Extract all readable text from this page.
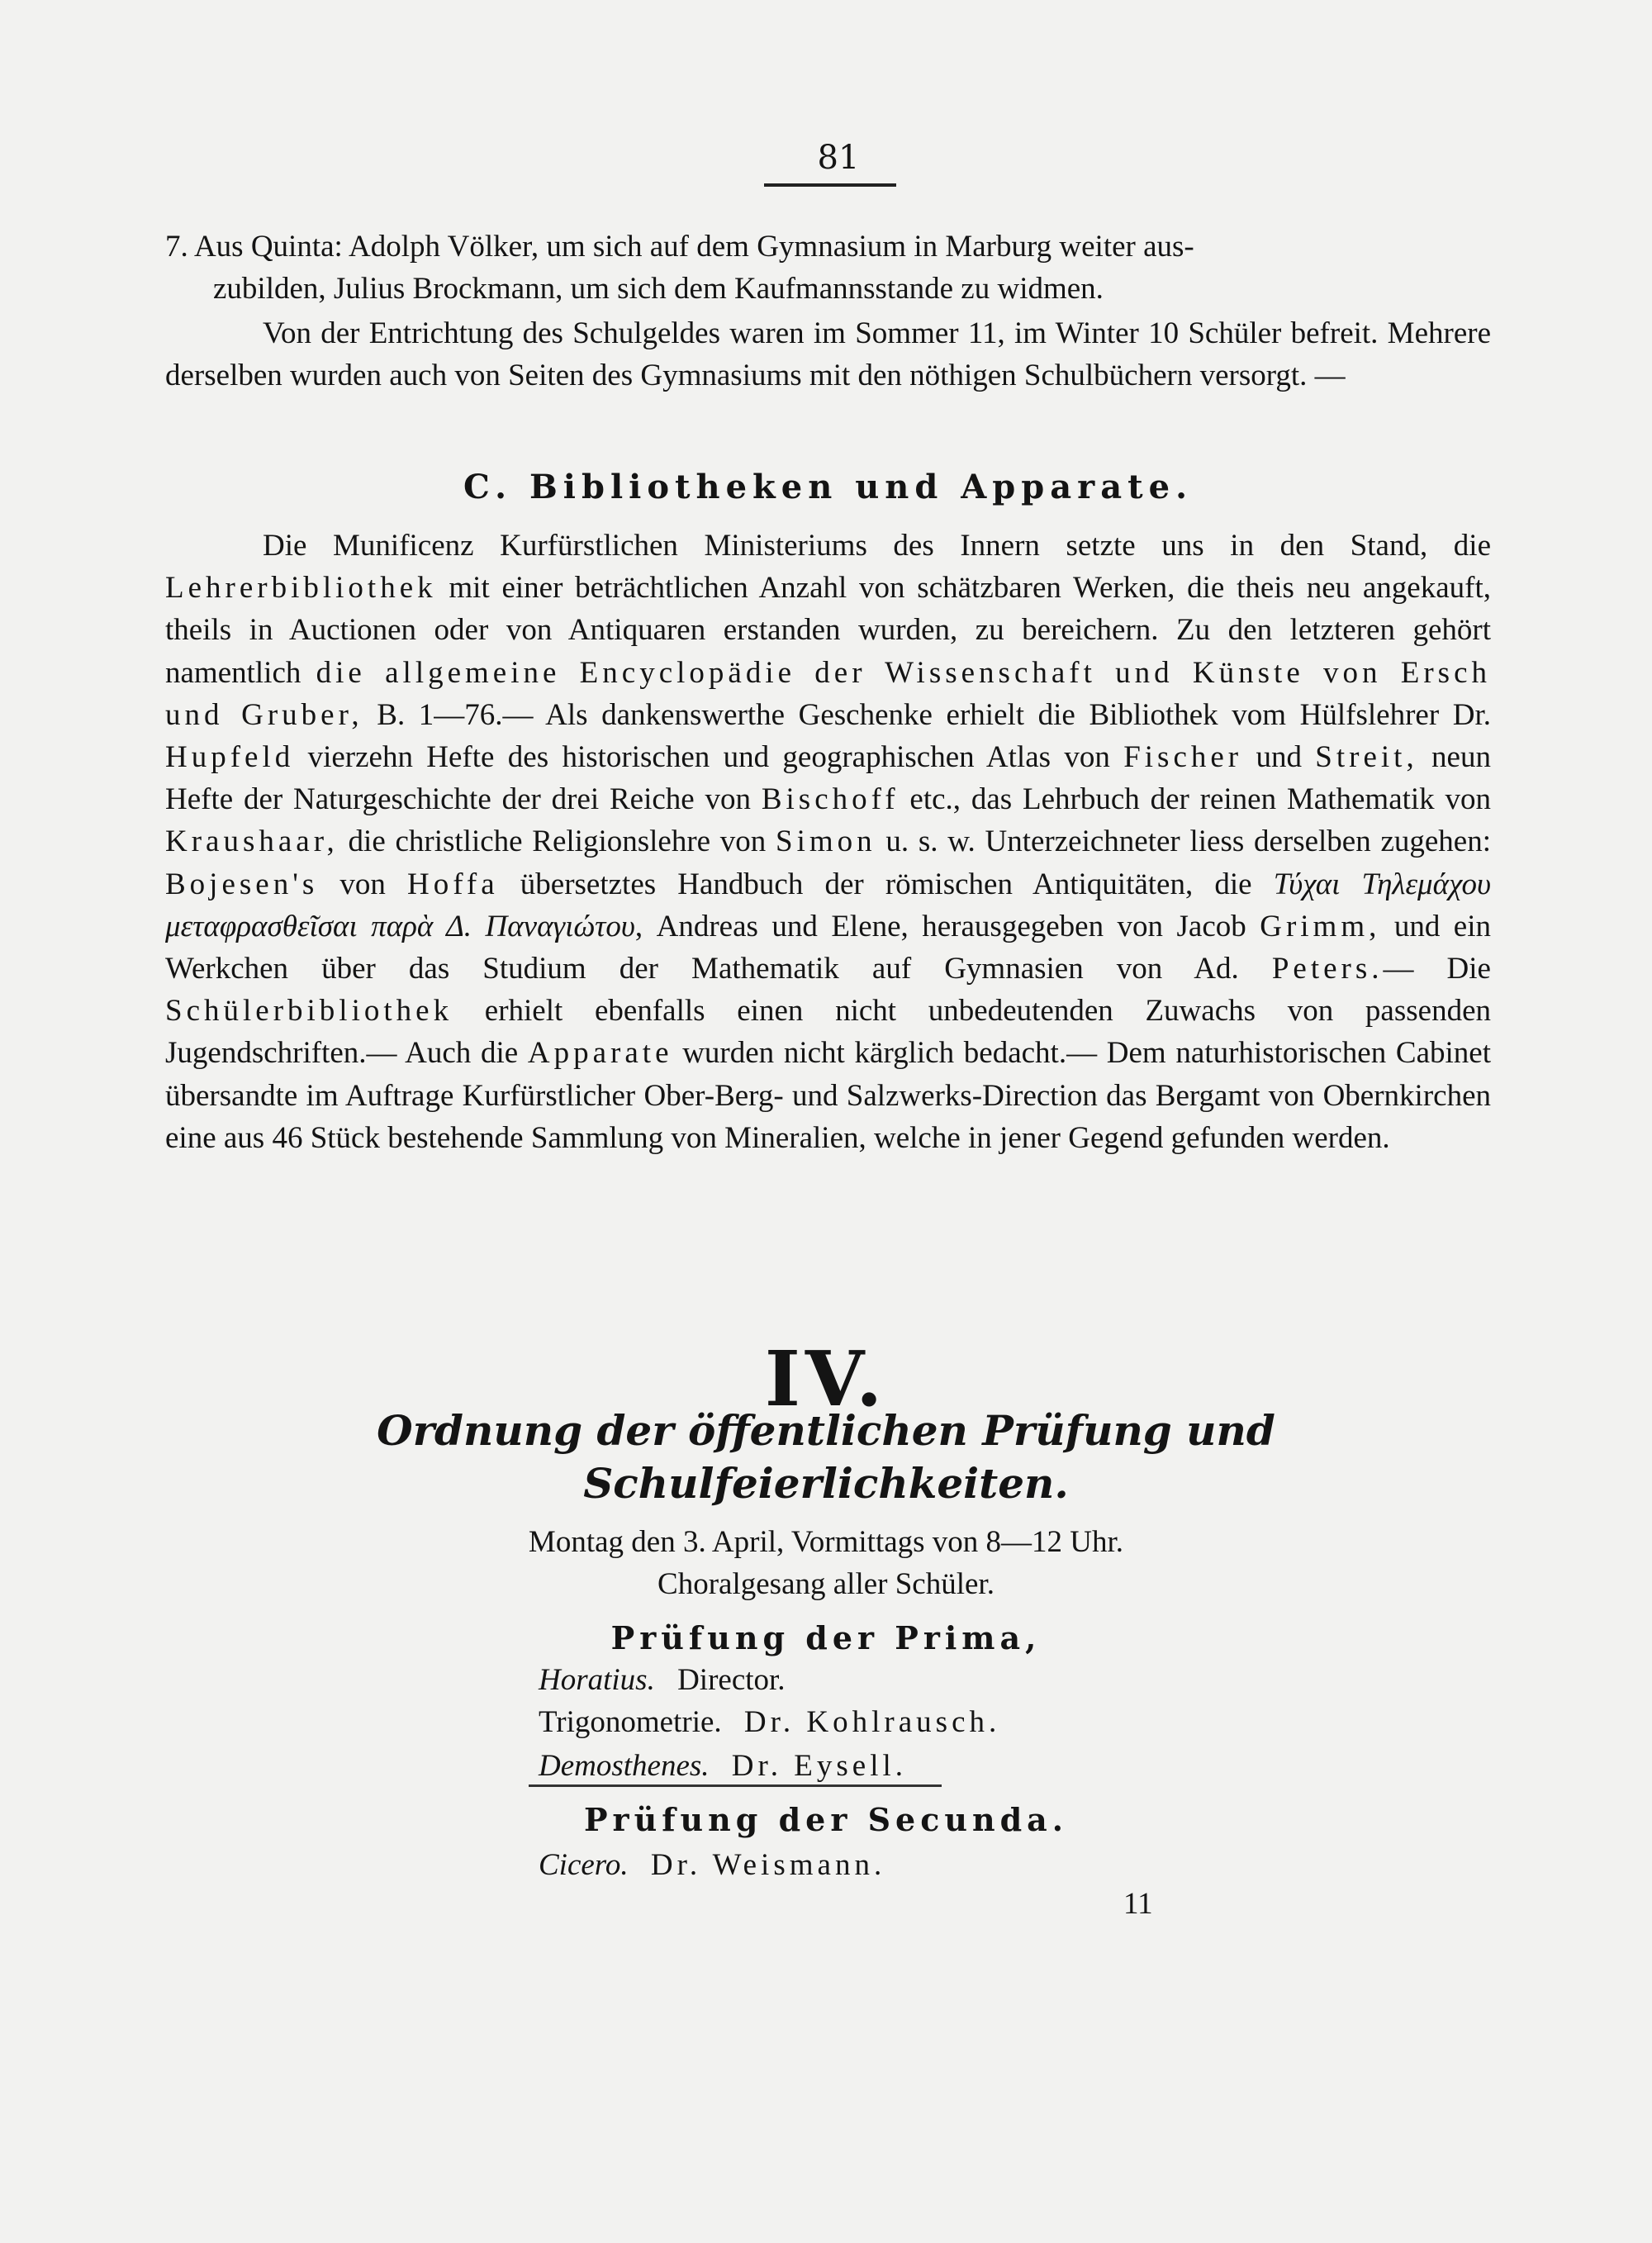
81
7. Aus Quinta: Adolph Völker, um sich auf dem Gymnasium in Marburg weiter aus-
zubilden, Julius Brockmann, um sich dem Kaufmannsstande zu widmen.
Von der Entrichtung des Schulgeldes waren im Sommer 11, im Winter 10 Schüler befreit. Mehrere derselben wurden auch von Seiten des Gymnasiums mit den nöthigen Schulbüchern versorgt. —
C. Bibliotheken und Apparate.
Die Munificenz Kurfürstlichen Ministeriums des Innern setzte uns in den Stand, die Lehrerbibliothek mit einer beträchtlichen Anzahl von schätzbaren Werken, die theis neu angekauft, theils in Auctionen oder von Antiquaren erstanden wurden, zu bereichern. Zu den letzteren gehört namentlich die allgemeine Encyclopädie der Wissenschaft und Künste von Ersch und Gruber, B. 1—76.— Als dankenswerthe Geschenke erhielt die Bibliothek vom Hülfslehrer Dr. Hupfeld vierzehn Hefte des historischen und geographischen Atlas von Fischer und Streit, neun Hefte der Naturgeschichte der drei Reiche von Bischoff etc., das Lehrbuch der reinen Mathematik von Kraushaar, die christliche Religionslehre von Simon u. s. w. Unterzeichneter liess derselben zugehen: Bojesen's von Hoffa übersetztes Handbuch der römischen Antiquitäten, die Τύχαι Τηλεμάχου μεταφρασθεῖσαι παρὰ Δ. Παναγιώτου, Andreas und Elene, herausgegeben von Jacob Grimm, und ein Werkchen über das Studium der Mathematik auf Gymnasien von Ad. Peters.— Die Schülerbibliothek erhielt ebenfalls einen nicht unbedeutenden Zuwachs von passenden Jugendschriften.— Auch die Apparate wurden nicht kärglich bedacht.— Dem naturhistorischen Cabinet übersandte im Auftrage Kurfürstlicher Ober-Berg- und Salzwerks-Direction das Bergamt von Obernkirchen eine aus 46 Stück bestehende Sammlung von Mineralien, welche in jener Gegend gefunden werden.
IV.
Ordnung der öffentlichen Prüfung und
Schulfeierlichkeiten.
Montag den 3. April, Vormittags von 8—12 Uhr.
Choralgesang aller Schüler.
Prüfung der Prima,
Horatius. Director.
Trigonometrie. Dr. Kohlrausch.
Demosthenes. Dr. Eysell.
Prüfung der Secunda.
Cicero. Dr. Weismann.
11
